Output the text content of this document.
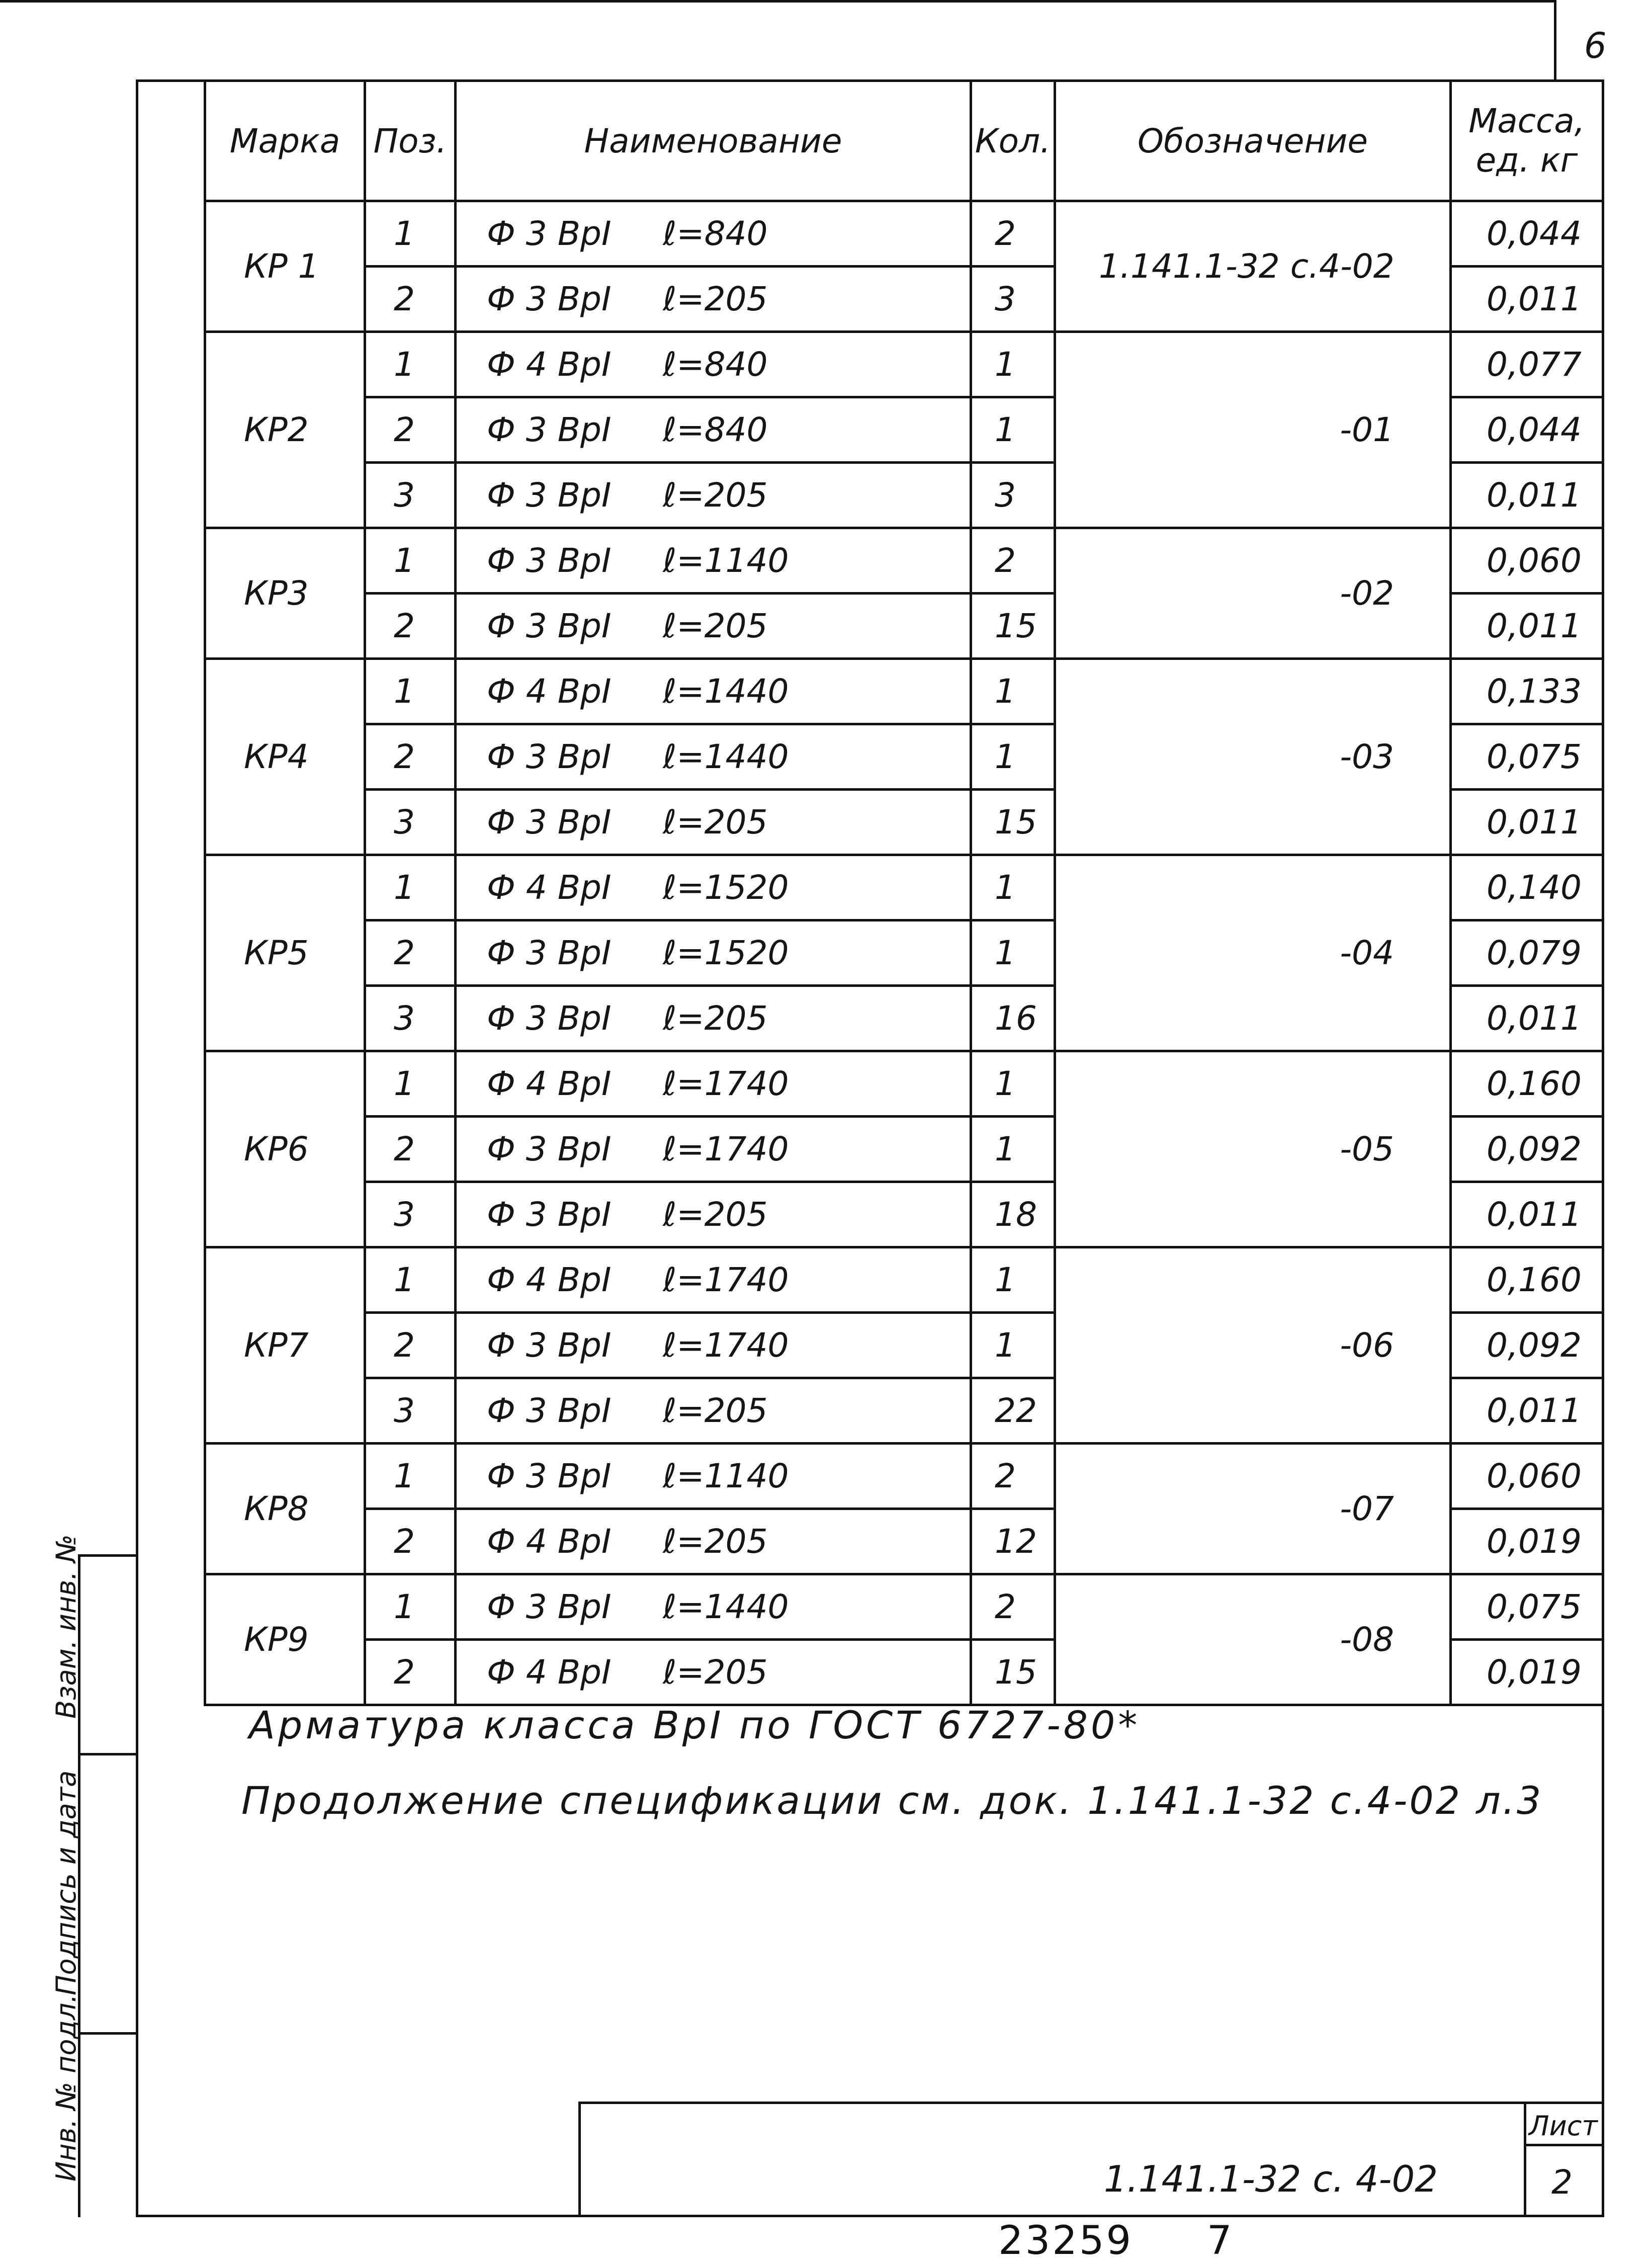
6
Взам. инв. №
Подпись и дата
Инв. № подл.
Марка	Поз.	Наименование	Кол.	Обозначение	Масса, ед. кг
КР 1	1	Ф 3 ВрI ℓ=840	2	1.141.1-32 с.4-02	0,044
	2	Ф 3 ВрI ℓ=205	3		0,011
КР2	1	Ф 4 ВрI ℓ=840	1	-01	0,077
	2	Ф 3 ВрI ℓ=840	1		0,044
	3	Ф 3 ВрI ℓ=205	3		0,011
КР3	1	Ф 3 ВрI ℓ=1140	2	-02	0,060
	2	Ф 3 ВрI ℓ=205	15		0,011
КР4	1	Ф 4 ВрI ℓ=1440	1	-03	0,133
	2	Ф 3 ВрI ℓ=1440	1		0,075
	3	Ф 3 ВрI ℓ=205	15		0,011
КР5	1	Ф 4 ВрI ℓ=1520	1	-04	0,140
	2	Ф 3 ВрI ℓ=1520	1		0,079
	3	Ф 3 ВрI ℓ=205	16		0,011
КР6	1	Ф 4 ВрI ℓ=1740	1	-05	0,160
	2	Ф 3 ВрI ℓ=1740	1		0,092
	3	Ф 3 ВрI ℓ=205	18		0,011
КР7	1	Ф 4 ВрI ℓ=1740	1	-06	0,160
	2	Ф 3 ВрI ℓ=1740	1		0,092
	3	Ф 3 ВрI ℓ=205	22		0,011
КР8	1	Ф 3 ВрI ℓ=1140	2	-07	0,060
	2	Ф 4 ВрI ℓ=205	12		0,019
КР9	1	Ф 3 ВрI ℓ=1440	2	-08	0,075
	2	Ф 4 ВрI ℓ=205	15		0,019
Арматура класса ВрI по ГОСТ 6727-80*
Продолжение спецификации см. док. 1.141.1-32 с.4-02 л.3
Лист
2
1.141.1-32 с. 4-02
23259 7
